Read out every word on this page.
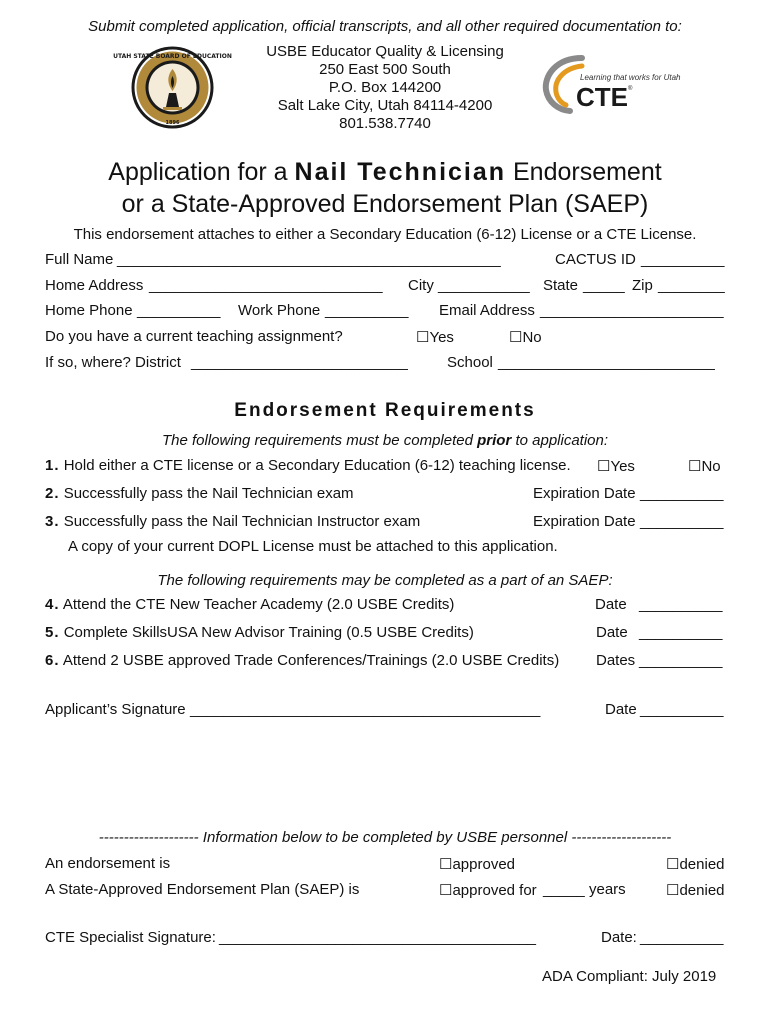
Submit completed application, official transcripts, and all other required documentation to:
USBE Educator Quality & Licensing
250 East 500 South
P.O. Box 144200
Salt Lake City, Utah 84114-4200
801.538.7740
UTAH STATE BOARD OF EDUCATION
1896
Learning that works for Utah
CTE ®
Application for a Nail Technician Endorsement
or a State-Approved Endorsement Plan (SAEP)
This endorsement attaches to either a Secondary Education (6-12) License or a CTE License.
Full Name ______________________________________________	CACTUS ID __________
Home Address ____________________________ City ___________ State _____ Zip ________
Home Phone __________ Work Phone __________ Email Address ______________________
Do you have a current teaching assignment?	☐Yes	☐No
If so, where? District __________________________	School __________________________
Endorsement Requirements
The following requirements must be completed prior to application:
1. Hold either a CTE license or a Secondary Education (6-12) teaching license. ☐Yes	☐No
2. Successfully pass the Nail Technician exam	Expiration Date __________
3. Successfully pass the Nail Technician Instructor exam	Expiration Date __________
A copy of your current DOPL License must be attached to this application.
The following requirements may be completed as a part of an SAEP:
4. Attend the CTE New Teacher Academy (2.0 USBE Credits)	Date __________
5. Complete SkillsUSA New Advisor Training (0.5 USBE Credits)	Date __________
6. Attend 2 USBE approved Trade Conferences/Trainings (2.0 USBE Credits) Dates __________
Applicant’s Signature __________________________________________	Date __________
-------------------- Information below to be completed by USBE personnel --------------------
An endorsement is	☐approved	☐denied
A State-Approved Endorsement Plan (SAEP) is	☐approved for _____ years	☐denied
CTE Specialist Signature: ______________________________________	Date: __________
ADA Compliant: July 2019
